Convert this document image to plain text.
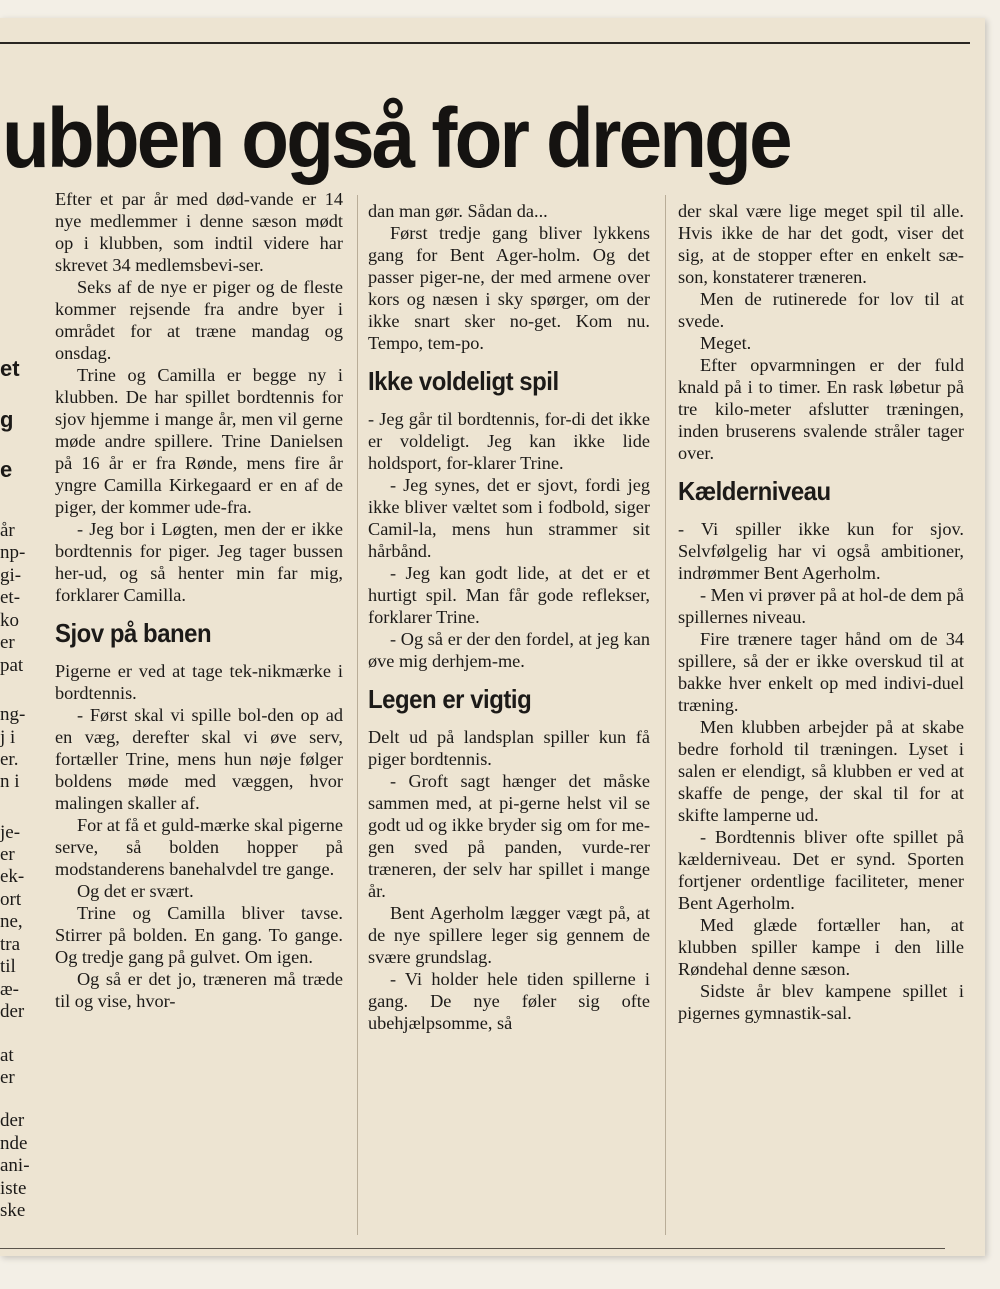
ubben også for drenge
et
g
e
år
np-
gi-
et-
ko
er
pat
ng-
j i
er.
n i
je-
er
ek-
ort
ne,
tra
til
æ-
der
at
er
der
nde
ani-
iste
ske

Efter et par år med død-vande er 14 nye medlemmer i denne sæson mødt op i klubben, som indtil videre har skrevet 34 medlemsbevi-ser.

Seks af de nye er piger og de fleste kommer rejsende fra andre byer i området for at træne mandag og onsdag.

Trine og Camilla er begge ny i klubben. De har spillet bordtennis for sjov hjemme i mange år, men vil gerne møde andre spillere. Trine Danielsen på 16 år er fra Rønde, mens fire år yngre Camilla Kirkegaard er en af de piger, der kommer ude-fra.

- Jeg bor i Løgten, men der er ikke bordtennis for piger. Jeg tager bussen her-ud, og så henter min far mig, forklarer Camilla.

Sjov på banen

Pigerne er ved at tage tek-nikmærke i bordtennis.

- Først skal vi spille bol-den op ad en væg, derefter skal vi øve serv, fortæller Trine, mens hun nøje følger boldens møde med væggen, hvor malingen skaller af.

For at få et guld-mærke skal pigerne serve, så bolden hopper på modstanderens banehalvdel tre gange.

Og det er svært.

Trine og Camilla bliver tavse. Stirrer på bolden. En gang. To gange. Og tredje gang på gulvet. Om igen.

Og så er det jo, træneren må træde til og vise, hvor-

dan man gør. Sådan da...

Først tredje gang bliver lykkens gang for Bent Ager-holm. Og det passer piger-ne, der med armene over kors og næsen i sky spørger, om der ikke snart sker no-get. Kom nu. Tempo, tem-po.

Ikke voldeligt spil

- Jeg går til bordtennis, for-di det ikke er voldeligt. Jeg kan ikke lide holdsport, for-klarer Trine.

- Jeg synes, det er sjovt, fordi jeg ikke bliver væltet som i fodbold, siger Camil-la, mens hun strammer sit hårbånd.

- Jeg kan godt lide, at det er et hurtigt spil. Man får gode reflekser, forklarer Trine.

- Og så er der den fordel, at jeg kan øve mig derhjem-me.

Legen er vigtig

Delt ud på landsplan spiller kun få piger bordtennis.

- Groft sagt hænger det måske sammen med, at pi-gerne helst vil se godt ud og ikke bryder sig om for me-gen sved på panden, vurde-rer træneren, der selv har spillet i mange år.

Bent Agerholm lægger vægt på, at de nye spillere leger sig gennem de svære grundslag.

- Vi holder hele tiden spillerne i gang. De nye føler sig ofte ubehjælpsomme, så

der skal være lige meget spil til alle. Hvis ikke de har det godt, viser det sig, at de stopper efter en enkelt sæ-son, konstaterer træneren.

Men de rutinerede for lov til at svede.

Meget.

Efter opvarmningen er der fuld knald på i to timer. En rask løbetur på tre kilo-meter afslutter træningen, inden bruserens svalende stråler tager over.

Kælderniveau

- Vi spiller ikke kun for sjov. Selvfølgelig har vi også ambitioner, indrømmer Bent Agerholm.

- Men vi prøver på at hol-de dem på spillernes niveau.

Fire trænere tager hånd om de 34 spillere, så der er ikke overskud til at bakke hver enkelt op med indivi-duel træning.

Men klubben arbejder på at skabe bedre forhold til træningen. Lyset i salen er elendigt, så klubben er ved at skaffe de penge, der skal til for at skifte lamperne ud.

- Bordtennis bliver ofte spillet på kælderniveau. Det er synd. Sporten fortjener ordentlige faciliteter, mener Bent Agerholm.

Med glæde fortæller han, at klubben spiller kampe i den lille Røndehal denne sæson.

Sidste år blev kampene spillet i pigernes gymnastik-sal.
